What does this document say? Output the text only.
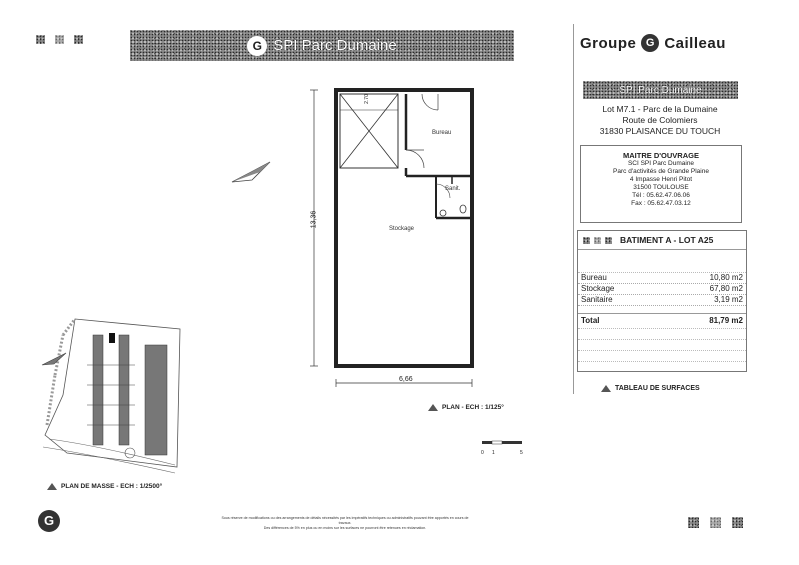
G SPI Parc Dumaine	Groupe G Cailleau
SPI Parc Dumaine
Lot M7.1 - Parc de la Dumaine
Route de Colomiers
31830 PLAISANCE DU TOUCH
MAITRE D'OUVRAGE
SCI SPI Parc Dumaine
Parc d'activités de Grande Plaine
4 Impasse Henri Pitot
31500 TOULOUSE
Tél : 05.62.47.06.06
Fax : 05.62.47.03.12
BATIMENT A - LOT A25
Bureau	10,80 m2
Stockage	67,80 m2
Sanitaire	3,19 m2
Total	81,79 m2
TABLEAU DE SURFACES
Bureau
Sanit.
Stockage
13,36
6,66
2.70
PLAN - ECH : 1/125°
0 1	5
PLAN DE MASSE - ECH : 1/2500°
G	Sous réserve de modifications ou des arrangements de détails nécessités par les impératifs techniques ou administratifs pouvant être apportés en cours de travaux.
Des différences de 5% en plus ou en moins sur les surfaces ne pourront être retenues en réclamation.
